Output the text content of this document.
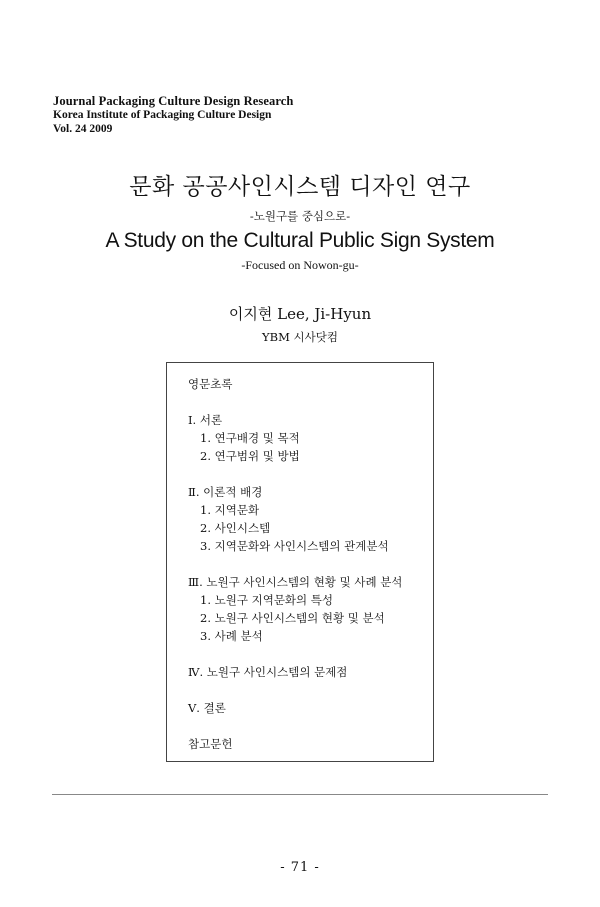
Journal Packaging Culture Design Research
Korea Institute of Packaging Culture Design
Vol. 24 2009
문화 공공사인시스템 디자인 연구
-노원구를 중심으로-
A Study on the Cultural Public Sign System
-Focused on Nowon-gu-
이지현 Lee, Ji-Hyun
YBM 시사닷컴
영문초록
Ⅰ. 서론
1. 연구배경 및 목적
2. 연구범위 및 방법
Ⅱ. 이론적 배경
1. 지역문화
2. 사인시스템
3. 지역문화와 사인시스템의 관계분석
Ⅲ. 노원구 사인시스템의 현황 및 사례 분석
1. 노원구 지역문화의 특성
2. 노원구 사인시스템의 현황 및 분석
3. 사례 분석
Ⅳ. 노원구 사인시스템의 문제점
Ⅴ. 결론
참고문헌
- 71 -
